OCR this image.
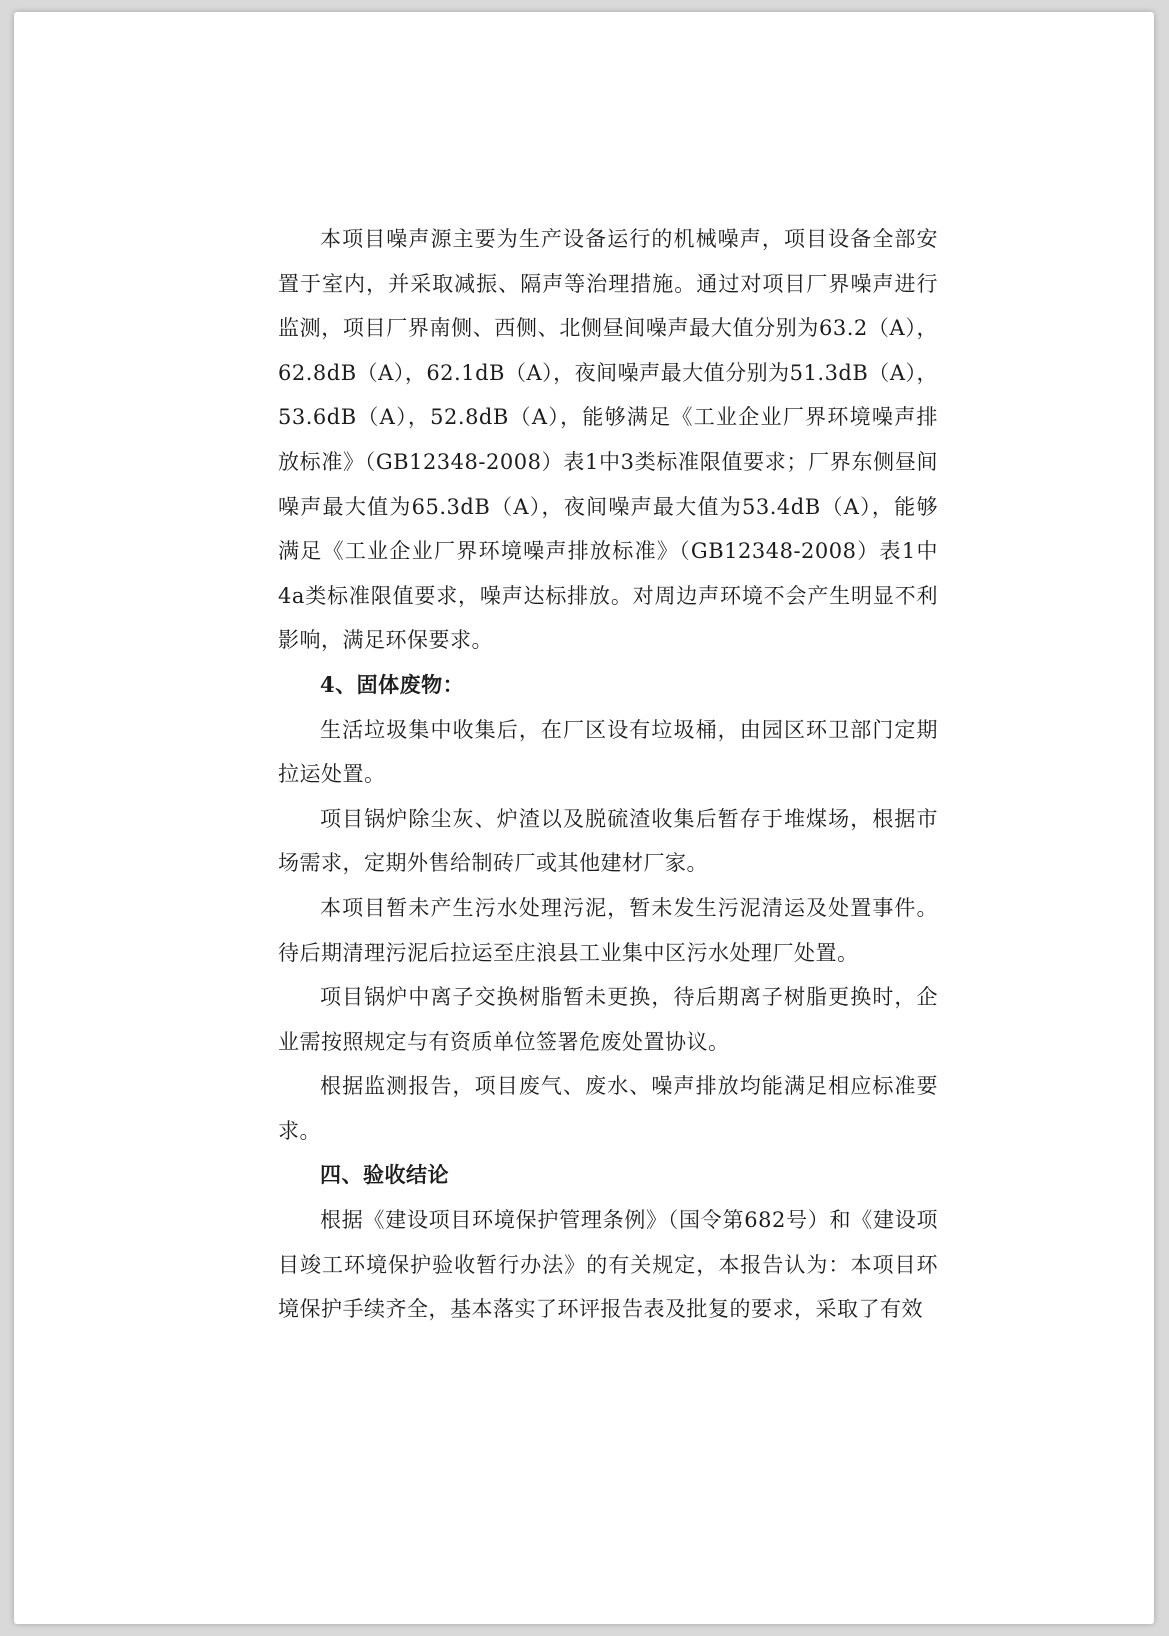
本项目噪声源主要为生产设备运行的机械噪声，项目设备全部安置于室内，并采取减振、隔声等治理措施。通过对项目厂界噪声进行监测，项目厂界南侧、西侧、北侧昼间噪声最大值分别为63.2（A），62.8dB（A），62.1dB（A），夜间噪声最大值分别为51.3dB（A），53.6dB（A），52.8dB（A），能够满足《工业企业厂界环境噪声排放标准》（GB12348-2008）表1中3类标准限值要求；厂界东侧昼间噪声最大值为65.3dB（A），夜间噪声最大值为53.4dB（A），能够满足《工业企业厂界环境噪声排放标准》（GB12348-2008）表1中4a类标准限值要求，噪声达标排放。对周边声环境不会产生明显不利影响，满足环保要求。

4、固体废物：

生活垃圾集中收集后，在厂区设有垃圾桶，由园区环卫部门定期拉运处置。

项目锅炉除尘灰、炉渣以及脱硫渣收集后暂存于堆煤场，根据市场需求，定期外售给制砖厂或其他建材厂家。

本项目暂未产生污水处理污泥，暂未发生污泥清运及处置事件。待后期清理污泥后拉运至庄浪县工业集中区污水处理厂处置。

项目锅炉中离子交换树脂暂未更换，待后期离子树脂更换时，企业需按照规定与有资质单位签署危废处置协议。

根据监测报告，项目废气、废水、噪声排放均能满足相应标准要求。

四、验收结论

根据《建设项目环境保护管理条例》（国令第682号）和《建设项目竣工环境保护验收暂行办法》的有关规定，本报告认为：本项目环境保护手续齐全，基本落实了环评报告表及批复的要求，采取了有效
